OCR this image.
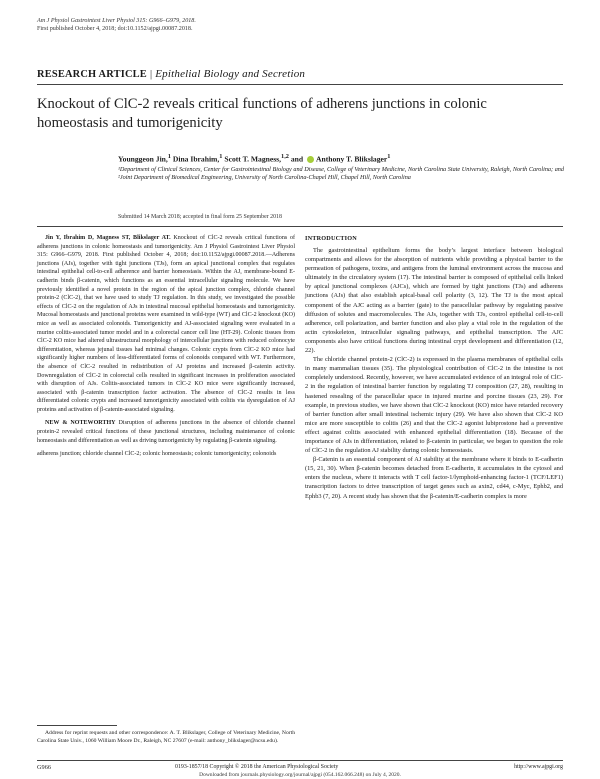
Am J Physiol Gastrointest Liver Physiol 315: G966–G979, 2018.
First published October 4, 2018; doi:10.1152/ajpgi.00087.2018.
RESEARCH ARTICLE | Epithelial Biology and Secretion
Knockout of ClC-2 reveals critical functions of adherens junctions in colonic homeostasis and tumorigenicity
Younggeon Jin,$^1$ Dina Ibrahim,$^1$ Scott T. Magness,$^{1,2}$ and Anthony T. Blikslager$^1$
¹Department of Clinical Sciences, Center for Gastrointestinal Biology and Disease, College of Veterinary Medicine, North Carolina State University, Raleigh, North Carolina; and ²Joint Department of Biomedical Engineering, University of North Carolina-Chapel Hill, Chapel Hill, North Carolina
Submitted 14 March 2018; accepted in final form 25 September 2018

Jin Y, Ibrahim D, Magness ST, Blikslager AT. Knockout of ClC-2 reveals critical functions of adherens junctions in colonic homeostasis and tumorigenicity. Am J Physiol Gastrointest Liver Physiol 315: G966–G979, 2018. First published October 4, 2018; doi:10.1152/ajpgi.00087.2018.—Adherens junctions (AJs), together with tight junctions (TJs), form an apical junctional complex that regulates intestinal epithelial cell-to-cell adherence and barrier homeostasis. Within the AJ, membrane-bound E-cadherin binds β-catenin, which functions as an essential intracellular signaling molecule. We have previously identified a novel protein in the region of the apical junction complex, chloride channel protein-2 (ClC-2), that we have used to study TJ regulation. In this study, we investigated the possible effects of ClC-2 on the regulation of AJs in intestinal mucosal epithelial homeostasis and tumorigenicity. Mucosal homeostasis and junctional proteins were examined in wild-type (WT) and ClC-2 knockout (KO) mice as well as associated colonoids. Tumorigenicity and AJ-associated signaling were evaluated in a murine colitis-associated tumor model and in a colorectal cancer cell line (HT-29). Colonic tissues from ClC-2 KO mice had altered ultrastructural morphology of intercellular junctions with reduced colonocyte differentiation, whereas jejunal tissues had minimal changes. Colonic crypts from ClC-2 KO mice had significantly higher numbers of less-differentiated forms of colonoids compared with WT. Furthermore, the absence of ClC-2 resulted in redistribution of AJ proteins and increased β-catenin activity. Downregulation of ClC-2 in colorectal cells resulted in significant increases in proliferation associated with disruption of AJs. Colitis-associated tumors in ClC-2 KO mice were significantly increased, associated with β-catenin transcription factor activation. The absence of ClC-2 results in less differentiated colonic crypts and increased tumorigenicity associated with colitis via dysregulation of AJ proteins and activation of β-catenin-associated signaling.

NEW & NOTEWORTHY Disruption of adherens junctions in the absence of chloride channel protein-2 revealed critical functions of these junctional structures, including maintenance of colonic homeostasis and differentiation as well as driving tumorigenicity by regulating β-catenin signaling.

adherens junction; chloride channel ClC-2; colonic homeostasis; colonic tumorigenicity; colonoids

INTRODUCTION

The gastrointestinal epithelium forms the body’s largest interface between biological compartments and allows for the absorption of nutrients while providing a physical barrier to the permeation of pathogens, toxins, and antigens from the luminal environment across the mucosa and ultimately in the circulatory system (17). The intestinal barrier is composed of epithelial cells linked by apical junctional complexes (AJCs), which are formed by tight junctions (TJs) and adherens junctions (AJs) that also establish apical-basal cell polarity (3, 12). The TJ is the most apical component of the AJC acting as a barrier (gate) to the paracellular pathway by regulating passive diffusion of solutes and macromolecules. The AJs, together with TJs, control epithelial cell-to-cell adherence, cell polarization, and barrier function and also play a vital role in the regulation of the actin cytoskeleton, intracellular signaling pathways, and epithelial transcription. The AJC components also have critical functions during intestinal crypt development and differentiation (12, 22).

The chloride channel protein-2 (ClC-2) is expressed in the plasma membranes of epithelial cells in many mammalian tissues (35). The physiological contribution of ClC-2 in the intestine is not completely understood. Recently, however, we have accumulated evidence of an integral role of ClC-2 in the regulation of intestinal barrier function by regulating TJ composition (27, 28), resulting in hastened resealing of the paracellular space in injured murine and porcine tissues (23, 29). For example, in previous studies, we have shown that ClC-2 knockout (KO) mice have retarded recovery of barrier function after small intestinal ischemic injury (29). We have also shown that ClC-2 KO mice are more susceptible to colitis (26) and that the ClC-2 agonist lubiprostone had a preventive effect against colitis associated with enhanced epithelial differentiation (18). Because of the importance of AJs in differentiation, related to β-catenin in particular, we began to question the role of ClC-2 in the regulation AJ stability during colonic homeostasis.

β-Catenin is an essential component of AJ stability at the membrane where it binds to E-cadherin (15, 21, 30). When β-catenin becomes detached from E-cadherin, it accumulates in the cytosol and enters the nucleus, where it interacts with T cell factor-1/lymphoid-enhancing factor-1 (TCF/LEF1) transcription factors to drive transcription of target genes such as axin2, cd44, c-Myc, Ephb2, and Ephb3 (7, 20). A recent study has shown that the β-catenin/E-cadherin complex is more

Address for reprint requests and other correspondence: A. T. Blikslager, College of Veterinary Medicine, North Carolina State Univ., 1060 William Moore Dr., Raleigh, NC 27607 (e-mail: anthony_blikslager@ncsu.edu).
G966	0193-1857/18 Copyright © 2018 the American Physiological Society	http://www.ajpgi.org
Downloaded from journals.physiology.org/journal/ajpgi (054.162.066.248) on July 4, 2020.
